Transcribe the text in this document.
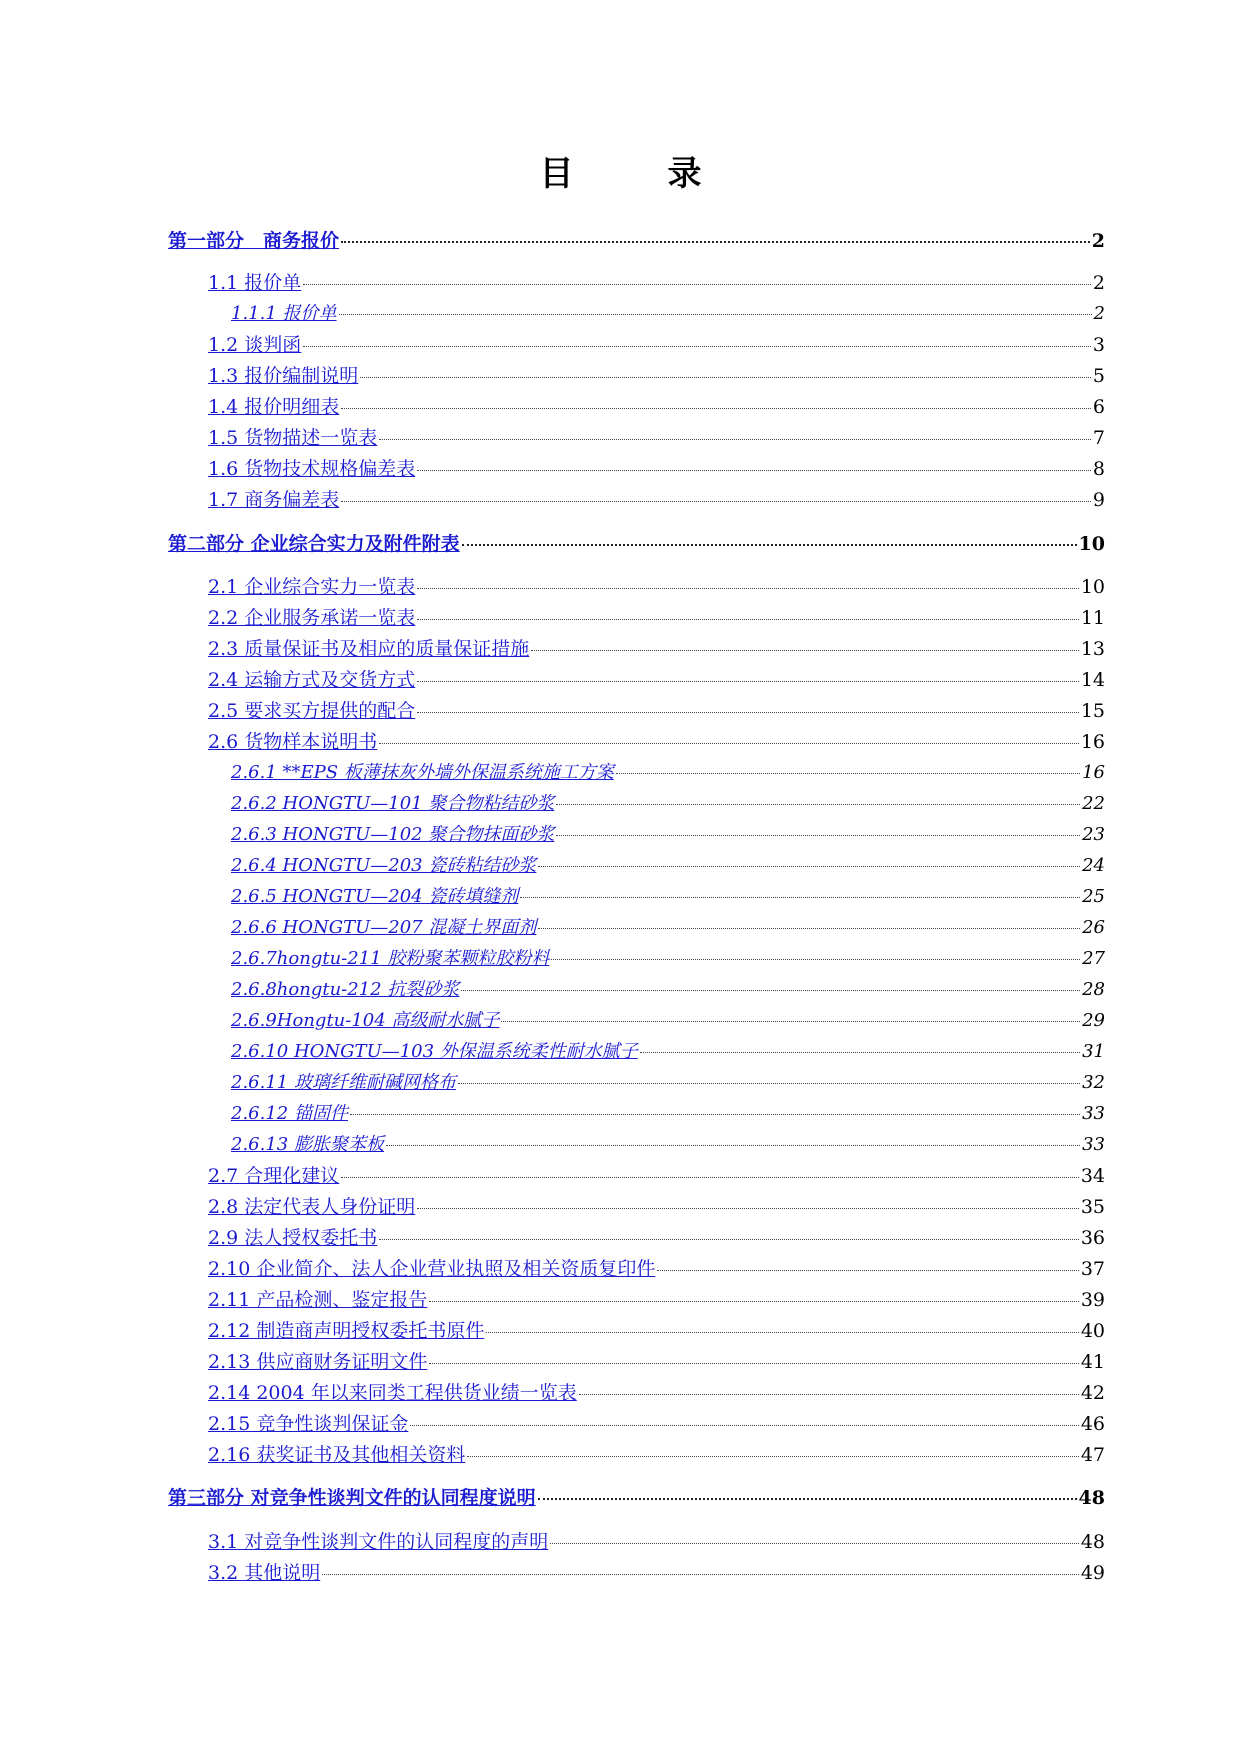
目　录
第一部分　商务报价	2
1.1 报价单	2
1.1.1 报价单	2
1.2 谈判函	3
1.3 报价编制说明	5
1.4 报价明细表	6
1.5 货物描述一览表	7
1.6 货物技术规格偏差表	8
1.7 商务偏差表	9
第二部分 企业综合实力及附件附表	10
2.1 企业综合实力一览表	10
2.2 企业服务承诺一览表	11
2.3 质量保证书及相应的质量保证措施	13
2.4 运输方式及交货方式	14
2.5 要求买方提供的配合	15
2.6 货物样本说明书	16
2.6.1 **EPS 板薄抹灰外墙外保温系统施工方案	16
2.6.2 HONGTU—101 聚合物粘结砂浆	22
2.6.3 HONGTU—102 聚合物抹面砂浆	23
2.6.4 HONGTU—203 瓷砖粘结砂浆	24
2.6.5 HONGTU—204 瓷砖填缝剂	25
2.6.6 HONGTU—207 混凝土界面剂	26
2.6.7hongtu-211 胶粉聚苯颗粒胶粉料	27
2.6.8hongtu-212 抗裂砂浆	28
2.6.9Hongtu-104 高级耐水腻子	29
2.6.10 HONGTU—103 外保温系统柔性耐水腻子	31
2.6.11 玻璃纤维耐碱网格布	32
2.6.12 锚固件	33
2.6.13 膨胀聚苯板	33
2.7 合理化建议	34
2.8 法定代表人身份证明	35
2.9 法人授权委托书	36
2.10 企业简介、法人企业营业执照及相关资质复印件	37
2.11 产品检测、鉴定报告	39
2.12 制造商声明授权委托书原件	40
2.13 供应商财务证明文件	41
2.14 2004 年以来同类工程供货业绩一览表	42
2.15 竞争性谈判保证金	46
2.16 获奖证书及其他相关资料	47
第三部分 对竞争性谈判文件的认同程度说明	48
3.1 对竞争性谈判文件的认同程度的声明	48
3.2 其他说明	49
